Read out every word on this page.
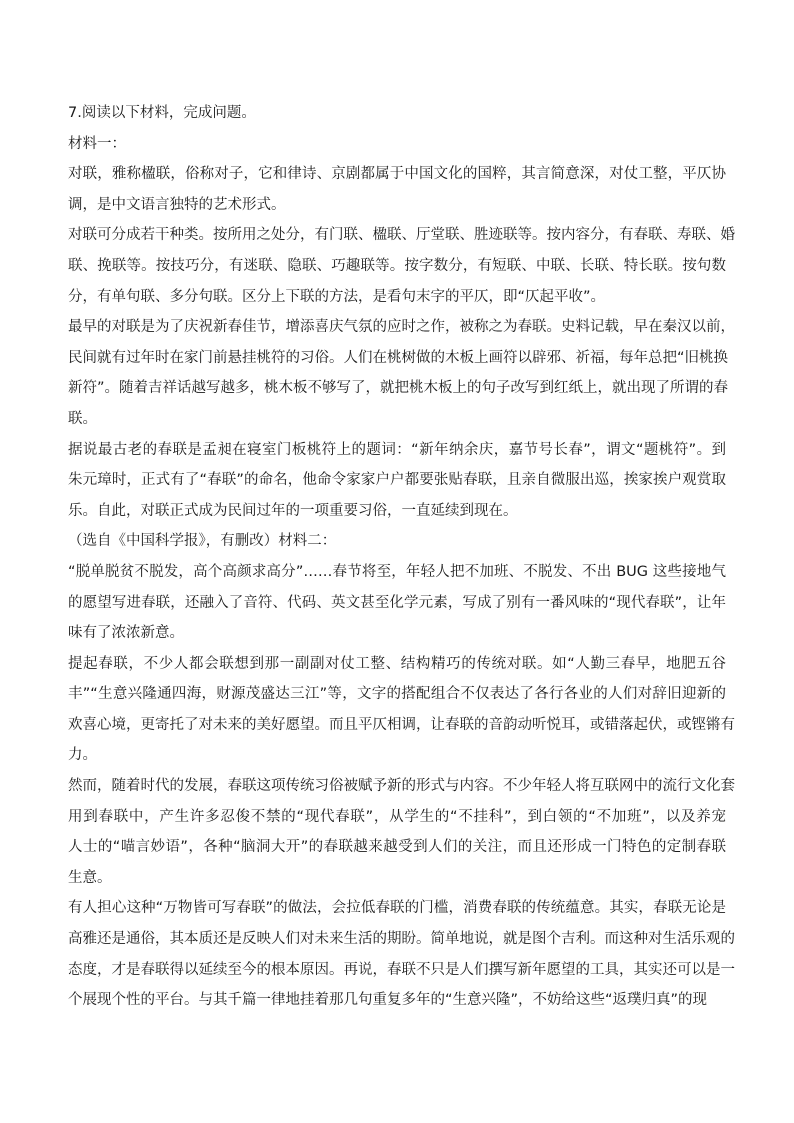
7.阅读以下材料，完成问题。

材料一：

对联，雅称楹联，俗称对子，它和律诗、京剧都属于中国文化的国粹，其言简意深，对仗工整，平仄协

调，是中文语言独特的艺术形式。

对联可分成若干种类。按所用之处分，有门联、楹联、厅堂联、胜迹联等。按内容分，有春联、寿联、婚

联、挽联等。按技巧分，有迷联、隐联、巧趣联等。按字数分，有短联、中联、长联、特长联。按句数

分，有单句联、多分句联。区分上下联的方法，是看句末字的平仄，即“仄起平收”。

最早的对联是为了庆祝新春佳节，增添喜庆气氛的应时之作，被称之为春联。史料记载，早在秦汉以前，

民间就有过年时在家门前悬挂桃符的习俗。人们在桃树做的木板上画符以辟邪、祈福，每年总把“旧桃换

新符”。随着吉祥话越写越多，桃木板不够写了，就把桃木板上的句子改写到红纸上，就出现了所谓的春

联。

据说最古老的春联是孟昶在寝室门板桃符上的题词：“新年纳余庆，嘉节号长春”，谓文“题桃符”。到

朱元璋时，正式有了“春联”的命名，他命令家家户户都要张贴春联，且亲自微服出巡，挨家挨户观赏取

乐。自此，对联正式成为民间过年的一项重要习俗，一直延续到现在。

（选自《中国科学报》，有删改）材料二：

“脱单脱贫不脱发，高个高颜求高分”……春节将至，年轻人把不加班、不脱发、不出 BUG 这些接地气

的愿望写进春联，还融入了音符、代码、英文甚至化学元素，写成了别有一番风味的“现代春联”，让年

味有了浓浓新意。

提起春联，不少人都会联想到那一副副对仗工整、结构精巧的传统对联。如“人勤三春早，地肥五谷

丰”“生意兴隆通四海，财源茂盛达三江”等，文字的搭配组合不仅表达了各行各业的人们对辞旧迎新的

欢喜心境，更寄托了对未来的美好愿望。而且平仄相调，让春联的音韵动听悦耳，或错落起伏，或铿锵有

力。

然而，随着时代的发展，春联这项传统习俗被赋予新的形式与内容。不少年轻人将互联网中的流行文化套

用到春联中，产生许多忍俊不禁的“现代春联”，从学生的“不挂科”，到白领的“不加班”，以及养宠

人士的“喵言妙语”，各种“脑洞大开”的春联越来越受到人们的关注，而且还形成一门特色的定制春联

生意。

有人担心这种“万物皆可写春联”的做法，会拉低春联的门槛，消费春联的传统蕴意。其实，春联无论是

高雅还是通俗，其本质还是反映人们对未来生活的期盼。简单地说，就是图个吉利。而这种对生活乐观的

态度，才是春联得以延续至今的根本原因。再说，春联不只是人们撰写新年愿望的工具，其实还可以是一

个展现个性的平台。与其千篇一律地挂着那几句重复多年的“生意兴隆”，不妨给这些“返璞归真”的现
